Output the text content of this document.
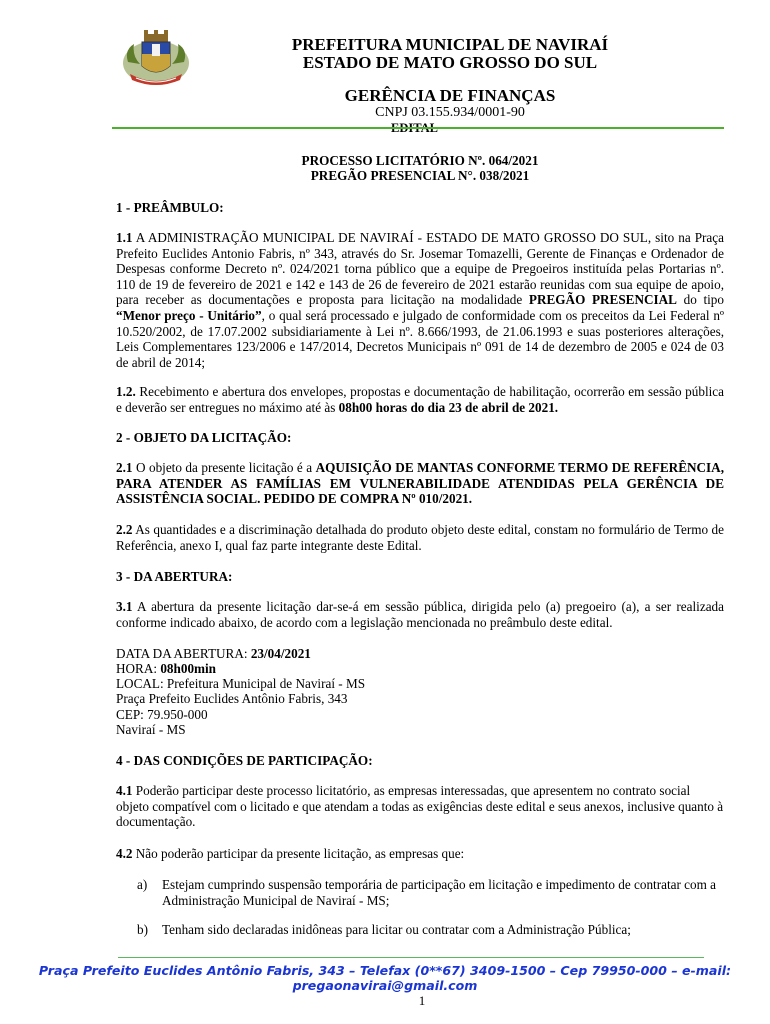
PREFEITURA MUNICIPAL DE NAVIRAÍ
ESTADO DE MATO GROSSO DO SUL
GERÊNCIA DE FINANÇAS
CNPJ 03.155.934/0001-90
PROCESSO LICITATÓRIO Nº. 064/2021
PREGÃO PRESENCIAL N°. 038/2021
1 - PREÂMBULO:
1.1 A ADMINISTRAÇÃO MUNICIPAL DE NAVIRAÍ - ESTADO DE MATO GROSSO DO SUL, sito na Praça Prefeito Euclides Antonio Fabris, nº 343, através do Sr. Josemar Tomazelli, Gerente de Finanças e Ordenador de Despesas conforme Decreto nº. 024/2021 torna público que a equipe de Pregoeiros instituída pelas Portarias nº. 110 de 19 de fevereiro de 2021 e 142 e 143 de 26 de fevereiro de 2021 estarão reunidas com sua equipe de apoio, para receber as documentações e proposta para licitação na modalidade PREGÃO PRESENCIAL do tipo “Menor preço - Unitário”, o qual será processado e julgado de conformidade com os preceitos da Lei Federal nº 10.520/2002, de 17.07.2002 subsidiariamente à Lei nº. 8.666/1993, de 21.06.1993 e suas posteriores alterações, Leis Complementares 123/2006 e 147/2014, Decretos Municipais nº 091 de 14 de dezembro de 2005 e 024 de 03 de abril de 2014;
1.2. Recebimento e abertura dos envelopes, propostas e documentação de habilitação, ocorrerão em sessão pública e deverão ser entregues no máximo até às 08h00 horas do dia 23 de abril de 2021.
2 - OBJETO DA LICITAÇÃO:
2.1 O objeto da presente licitação é a AQUISIÇÃO DE MANTAS CONFORME TERMO DE REFERÊNCIA, PARA ATENDER AS FAMÍLIAS EM VULNERABILIDADE ATENDIDAS PELA GERÊNCIA DE ASSISTÊNCIA SOCIAL. PEDIDO DE COMPRA Nº 010/2021.
2.2 As quantidades e a discriminação detalhada do produto objeto deste edital, constam no formulário de Termo de Referência, anexo I, qual faz parte integrante deste Edital.
3 - DA ABERTURA:
3.1 A abertura da presente licitação dar-se-á em sessão pública, dirigida pelo (a) pregoeiro (a), a ser realizada conforme indicado abaixo, de acordo com a legislação mencionada no preâmbulo deste edital.
DATA DA ABERTURA: 23/04/2021
HORA: 08h00min
LOCAL: Prefeitura Municipal de Naviraí - MS
Praça Prefeito Euclides Antônio Fabris, 343
CEP: 79.950-000
Naviraí - MS
4 - DAS CONDIÇÕES DE PARTICIPAÇÃO:
4.1 Poderão participar deste processo licitatório, as empresas interessadas, que apresentem no contrato social objeto compatível com o licitado e que atendam a todas as exigências deste edital e seus anexos, inclusive quanto à documentação.
4.2 Não poderão participar da presente licitação, as empresas que:
a) Estejam cumprindo suspensão temporária de participação em licitação e impedimento de contratar com a Administração Municipal de Naviraí - MS;
b) Tenham sido declaradas inidôneas para licitar ou contratar com a Administração Pública;
Praça Prefeito Euclides Antônio Fabris, 343 – Telefax (0**67) 3409-1500 – Cep 79950-000 – e-mail:
pregaonavirai@gmail.com
1
